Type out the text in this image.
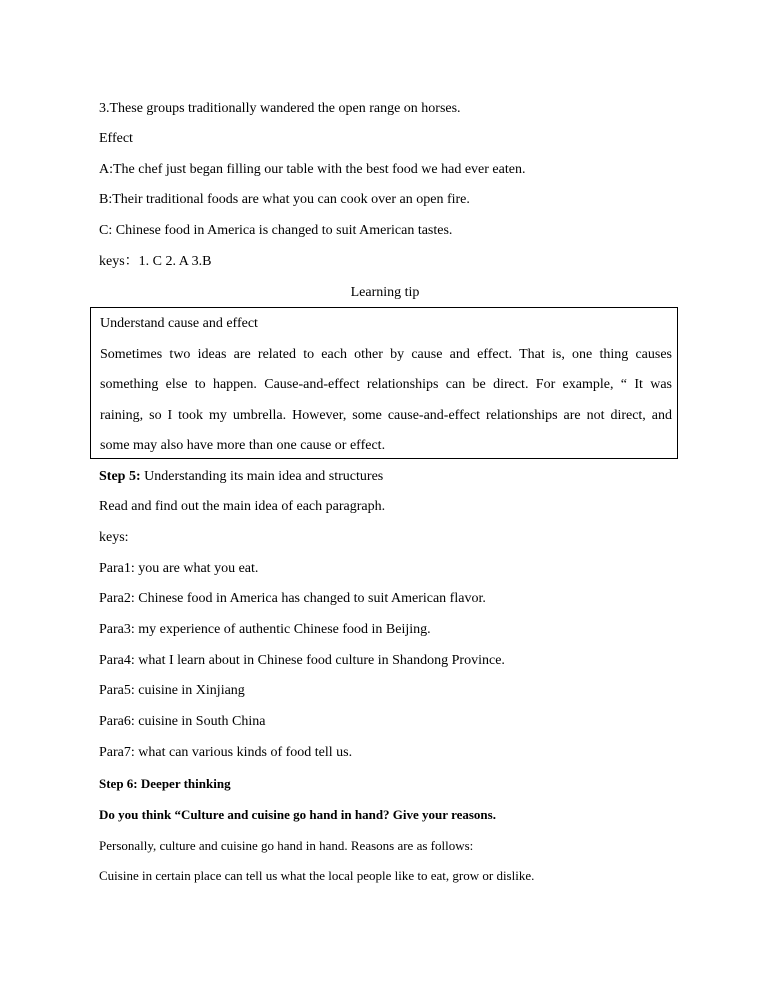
3.These groups traditionally wandered the open range on horses.
Effect
A:The chef just began filling our table with the best food we had ever eaten.
B:Their traditional foods are what you can cook over an open fire.
C: Chinese food in America is changed to suit American tastes.
keys：1. C 2. A 3.B
Learning tip
Understand cause and effect
Sometimes two ideas are related to each other by cause and effect. That is, one thing causes
something else to happen. Cause-and-effect relationships can be direct. For example, “ It was
raining, so I took my umbrella. However, some cause-and-effect relationships are not direct, and
some may also have more than one cause or effect.
Step 5: Understanding its main idea and structures
Read and find out the main idea of each paragraph.
keys:
Para1: you are what you eat.
Para2: Chinese food in America has changed to suit American flavor.
Para3: my experience of authentic Chinese food in Beijing.
Para4: what I learn about in Chinese food culture in Shandong Province.
Para5: cuisine in Xinjiang
Para6: cuisine in South China
Para7: what can various kinds of food tell us.
Step 6: Deeper thinking
Do you think “Culture and cuisine go hand in hand? Give your reasons.
Personally, culture and cuisine go hand in hand. Reasons are as follows:
Cuisine in certain place can tell us what the local people like to eat, grow or dislike.
